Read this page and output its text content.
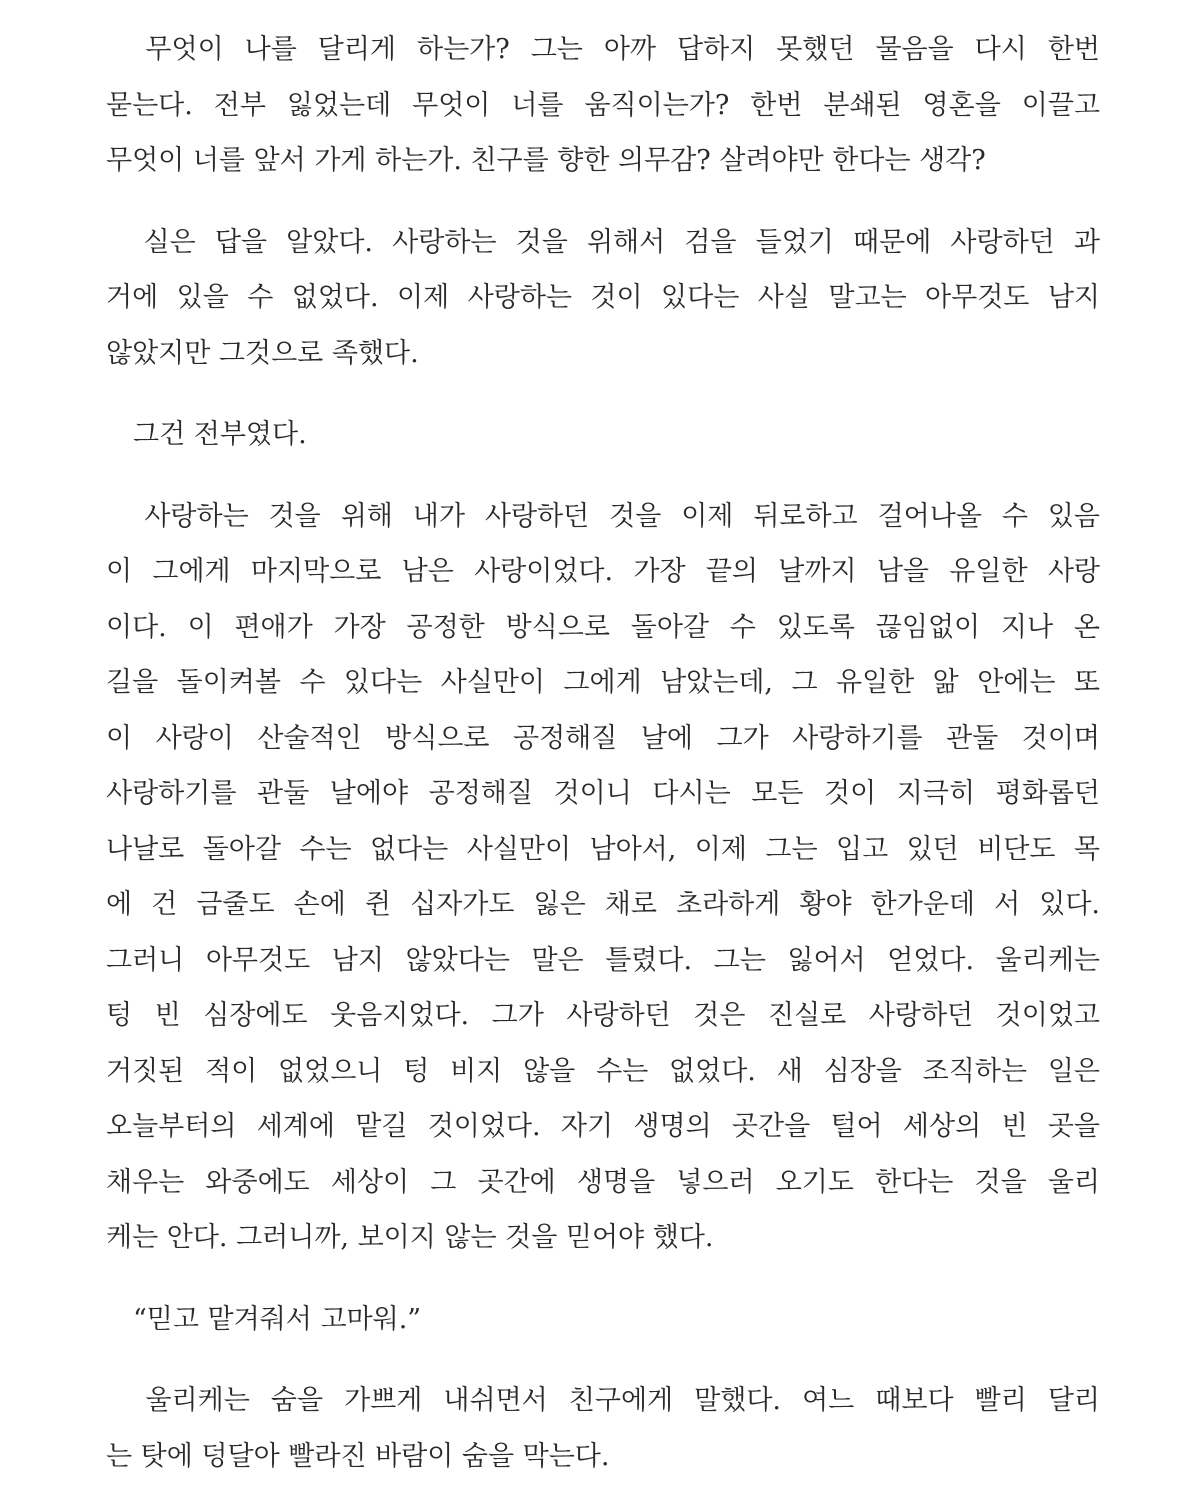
　무엇이 나를 달리게 하는가? 그는 아까 답하지 못했던 물음을 다시 한번
묻는다. 전부 잃었는데 무엇이 너를 움직이는가? 한번 분쇄된 영혼을 이끌고
무엇이 너를 앞서 가게 하는가. 친구를 향한 의무감? 살려야만 한다는 생각?
　실은 답을 알았다. 사랑하는 것을 위해서 검을 들었기 때문에 사랑하던 과
거에 있을 수 없었다. 이제 사랑하는 것이 있다는 사실 말고는 아무것도 남지
않았지만 그것으로 족했다.
　그건 전부였다.
　사랑하는 것을 위해 내가 사랑하던 것을 이제 뒤로하고 걸어나올 수 있음
이 그에게 마지막으로 남은 사랑이었다. 가장 끝의 날까지 남을 유일한 사랑
이다. 이 편애가 가장 공정한 방식으로 돌아갈 수 있도록 끊임없이 지나 온
길을 돌이켜볼 수 있다는 사실만이 그에게 남았는데, 그 유일한 앎 안에는 또
이 사랑이 산술적인 방식으로 공정해질 날에 그가 사랑하기를 관둘 것이며
사랑하기를 관둘 날에야 공정해질 것이니 다시는 모든 것이 지극히 평화롭던
나날로 돌아갈 수는 없다는 사실만이 남아서, 이제 그는 입고 있던 비단도 목
에 건 금줄도 손에 쥔 십자가도 잃은 채로 초라하게 황야 한가운데 서 있다.
그러니 아무것도 남지 않았다는 말은 틀렸다. 그는 잃어서 얻었다. 울리케는
텅 빈 심장에도 웃음지었다. 그가 사랑하던 것은 진실로 사랑하던 것이었고
거짓된 적이 없었으니 텅 비지 않을 수는 없었다. 새 심장을 조직하는 일은
오늘부터의 세계에 맡길 것이었다. 자기 생명의 곳간을 털어 세상의 빈 곳을
채우는 와중에도 세상이 그 곳간에 생명을 넣으러 오기도 한다는 것을 울리
케는 안다. 그러니까, 보이지 않는 것을 믿어야 했다.
　“믿고 맡겨줘서 고마워.”
　울리케는 숨을 가쁘게 내쉬면서 친구에게 말했다. 여느 때보다 빨리 달리
는 탓에 덩달아 빨라진 바람이 숨을 막는다.
